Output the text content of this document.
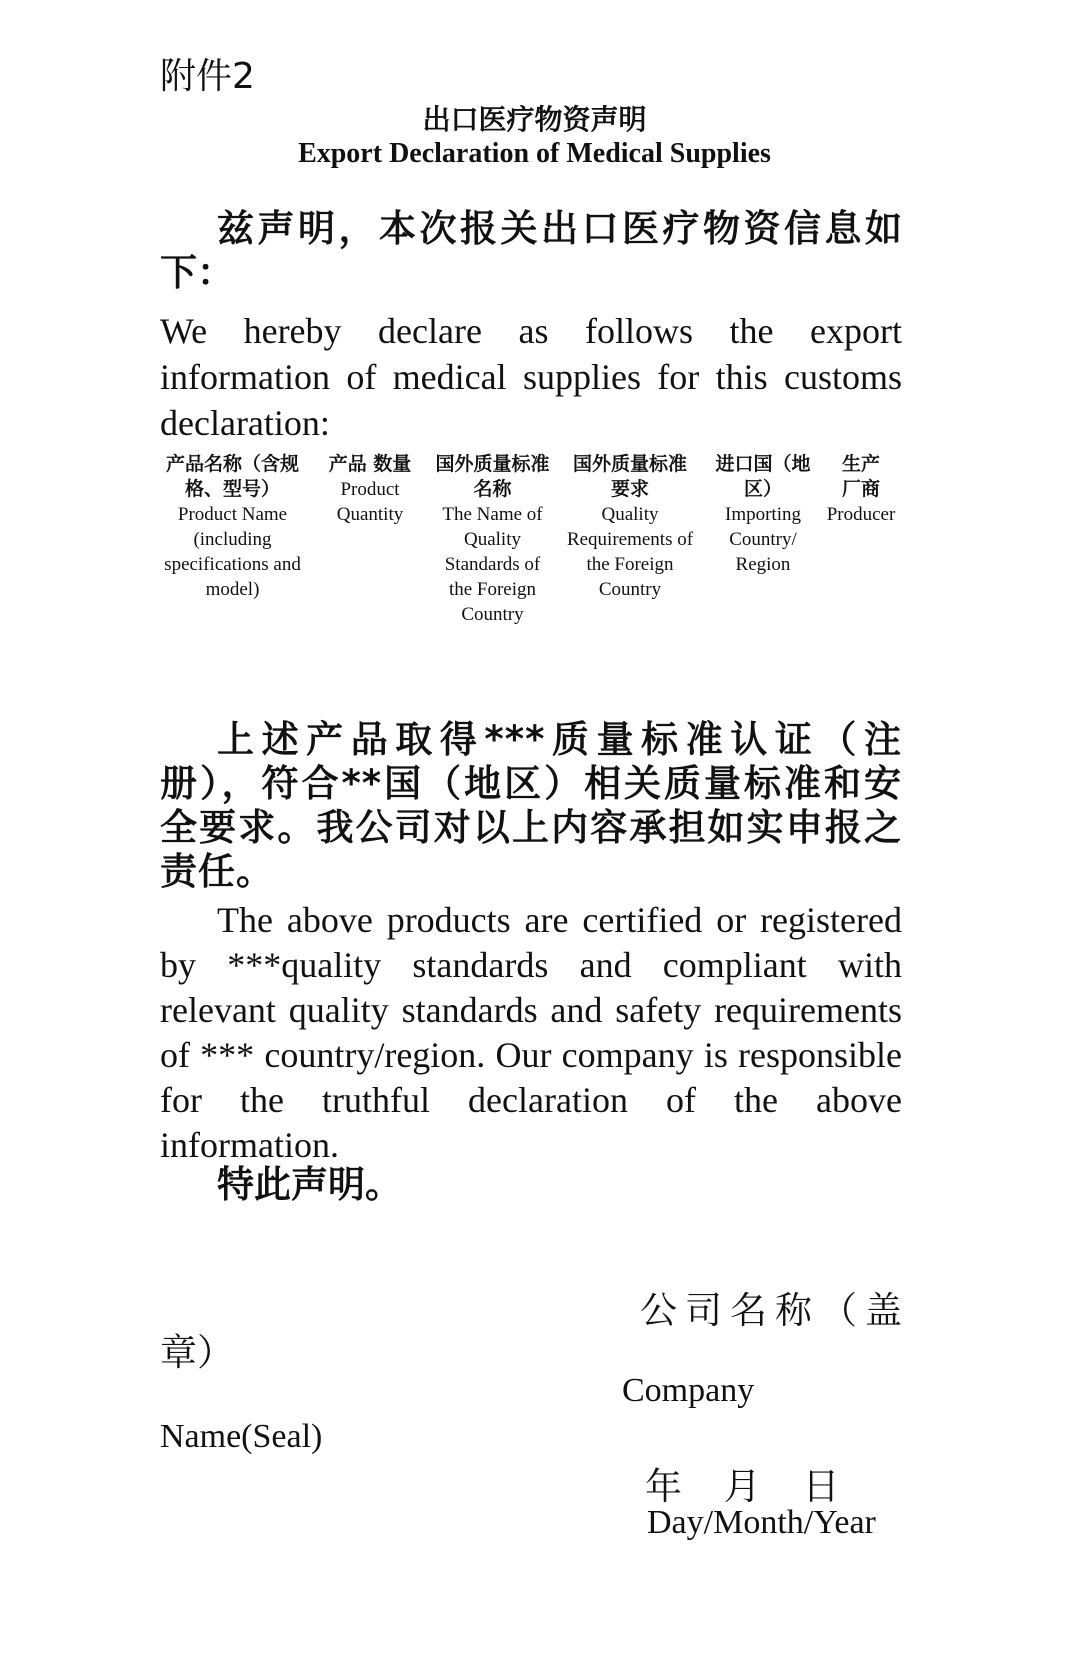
附件2
出口医疗物资声明
Export Declaration of Medical Supplies
兹声明，本次报关出口医疗物资信息如下：
We hereby declare as follows the export information of medical supplies for this customs declaration:
产品名称（含规格、型号）
Product Name (including specifications and model)
产品 数量
Product Quantity
国外质量标准名称
The Name of Quality Standards of the Foreign Country
国外质量标准要求
Quality Requirements of the Foreign Country
进口国（地区）
Importing Country/ Region
生产厂商
Producer
上述产品取得***质量标准认证（注册），符合**国（地区）相关质量标准和安全要求。我公司对以上内容承担如实申报之责任。
The above products are certified or registered by ***quality standards and compliant with relevant quality standards and safety requirements of *** country/region. Our company is responsible for the truthful declaration of the above information.
特此声明。
公司名称（盖
章）
Company
Name(Seal)
年 月 日
Day/Month/Year
